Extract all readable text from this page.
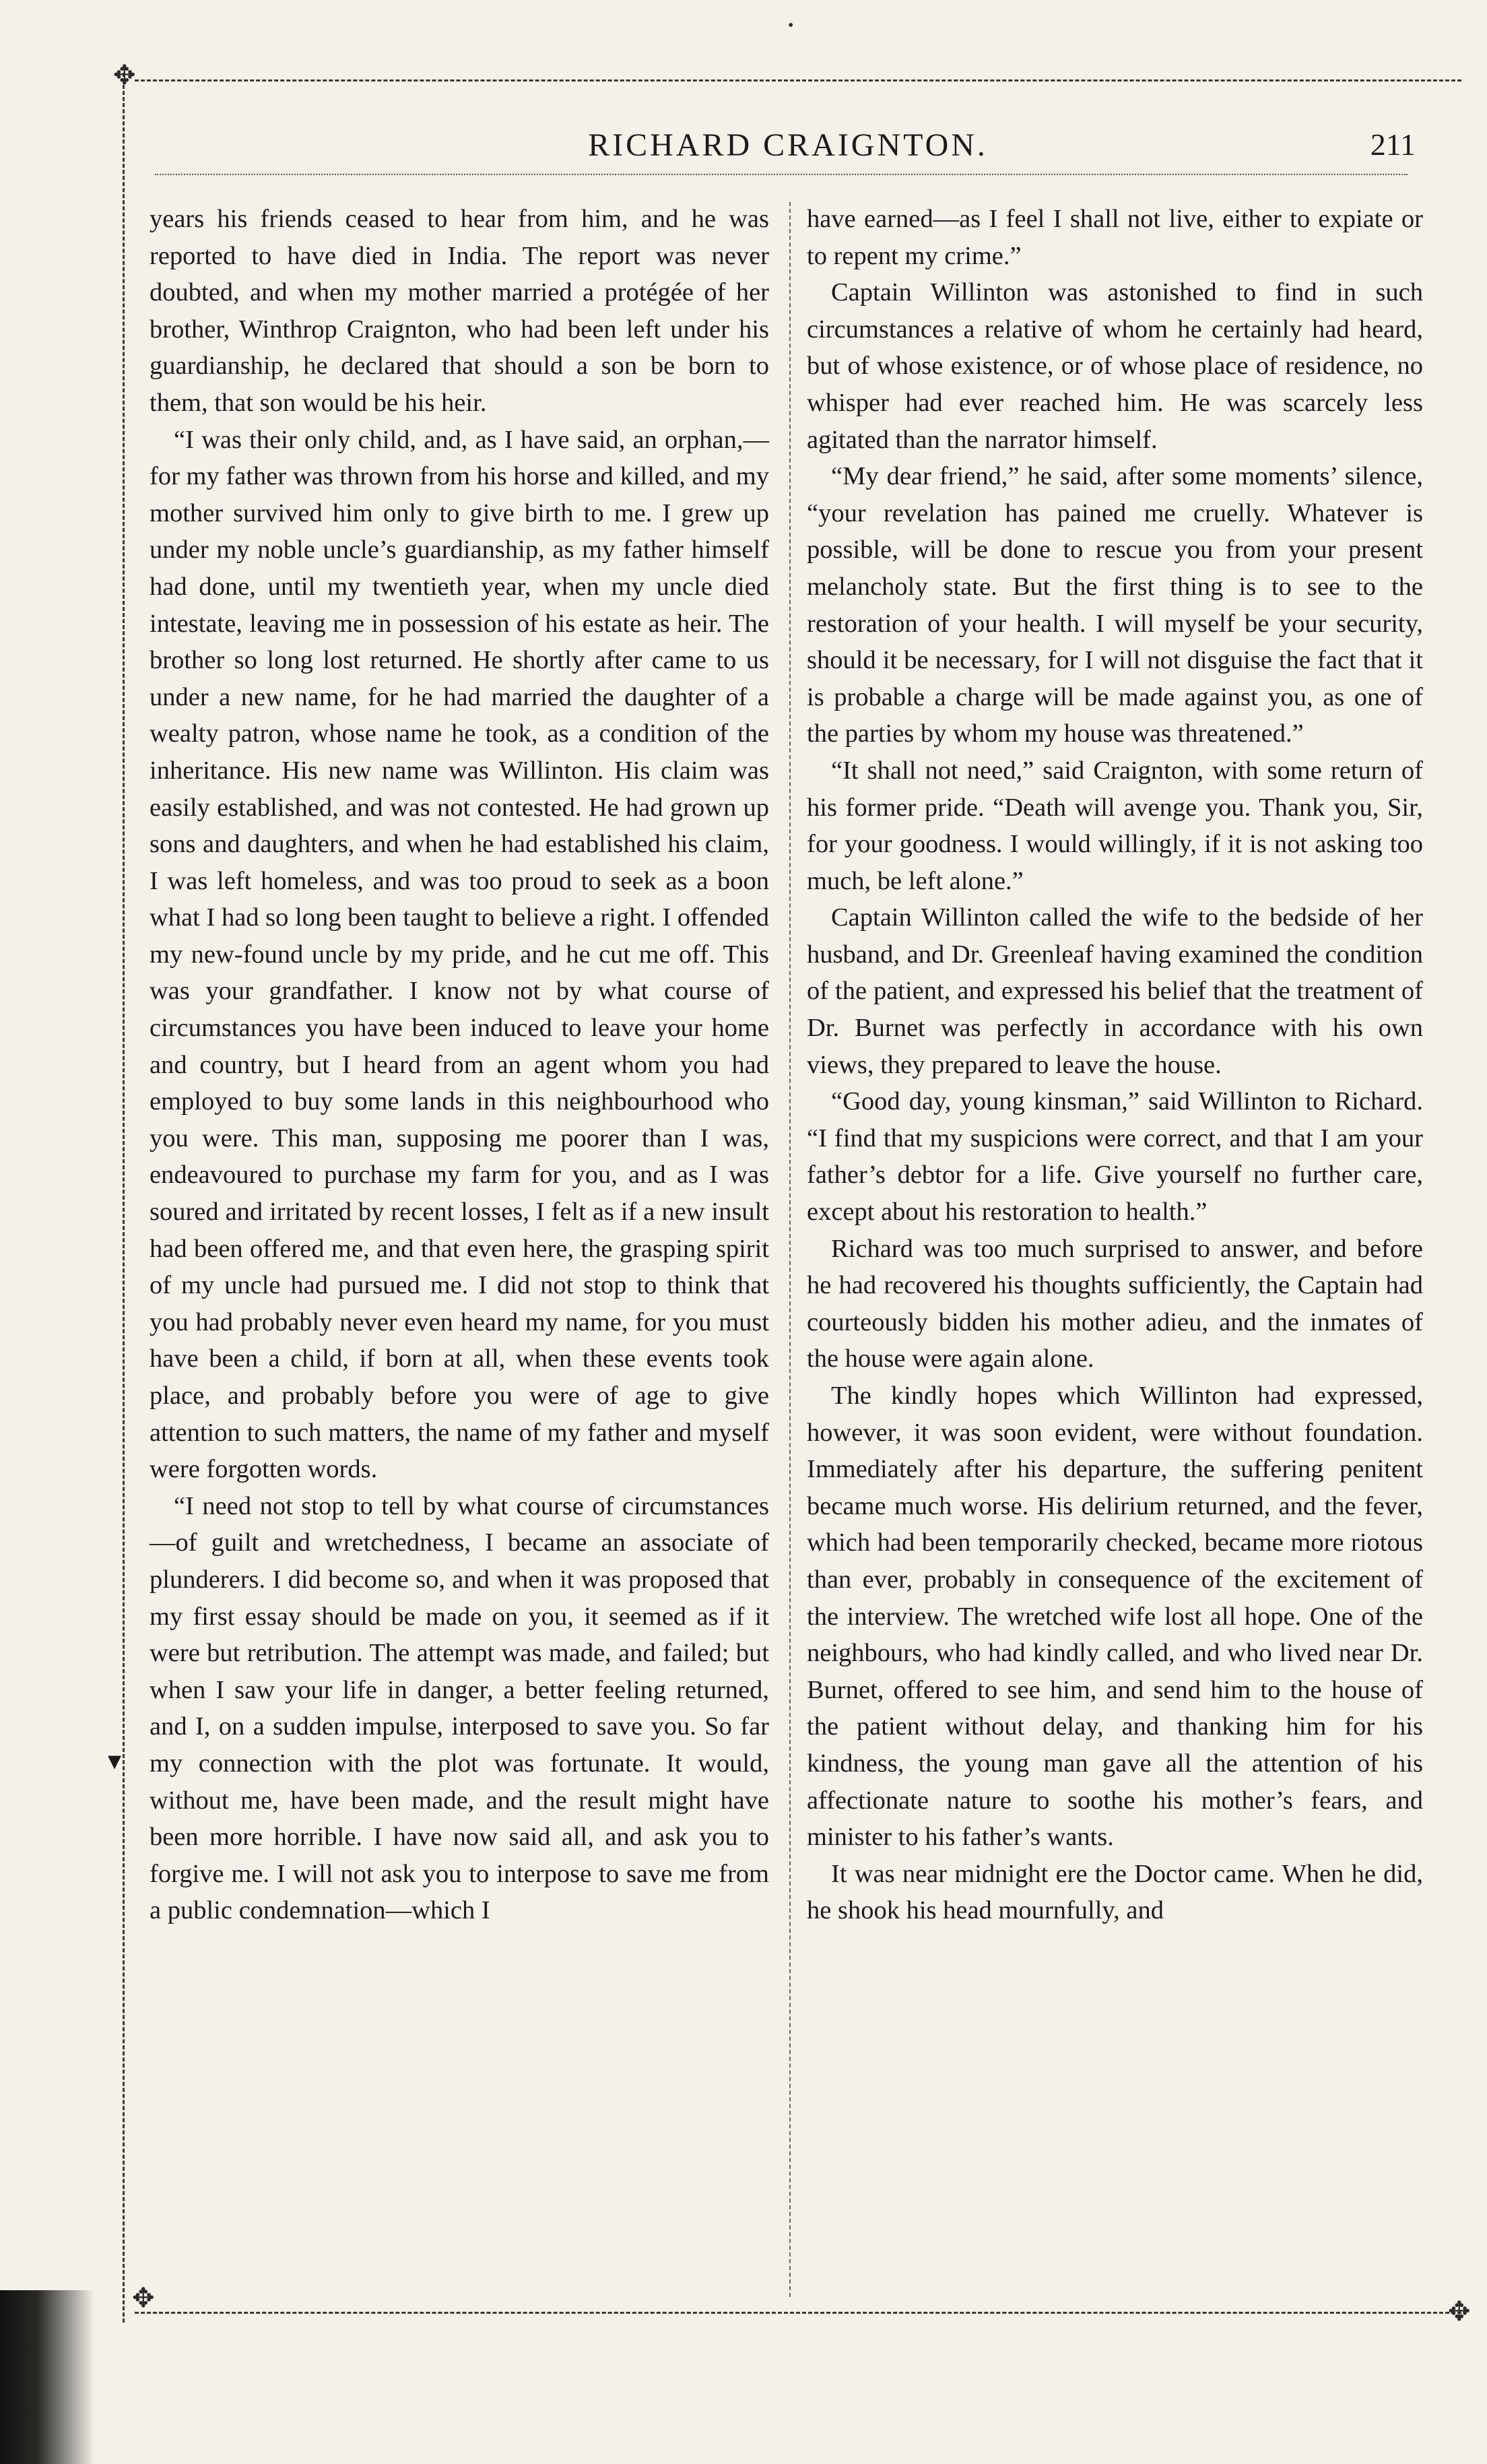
✥
✥	✥
•
RICHARD CRAIGNTON.	211

years his friends ceased to hear from him, and he was reported to have died in India. The report was never doubted, and when my mother married a protégée of her brother, Winthrop Craignton, who had been left under his guardianship, he declared that should a son be born to them, that son would be his heir.

“I was their only child, and, as I have said, an orphan,—for my father was thrown from his horse and killed, and my mother survived him only to give birth to me. I grew up under my noble uncle’s guardianship, as my father himself had done, until my twentieth year, when my uncle died intestate, leaving me in possession of his estate as heir. The brother so long lost returned. He shortly after came to us under a new name, for he had married the daughter of a wealty patron, whose name he took, as a condition of the inheritance. His new name was Willinton. His claim was easily established, and was not contested. He had grown up sons and daughters, and when he had established his claim, I was left homeless, and was too proud to seek as a boon what I had so long been taught to believe a right. I offended my new-found uncle by my pride, and he cut me off. This was your grandfather. I know not by what course of circumstances you have been induced to leave your home and country, but I heard from an agent whom you had employed to buy some lands in this neighbourhood who you were. This man, supposing me poorer than I was, endeavoured to purchase my farm for you, and as I was soured and irritated by recent losses, I felt as if a new insult had been offered me, and that even here, the grasping spirit of my uncle had pursued me. I did not stop to think that you had probably never even heard my name, for you must have been a child, if born at all, when these events took place, and probably before you were of age to give attention to such matters, the name of my father and myself were forgotten words.

“I need not stop to tell by what course of circumstances—of guilt and wretchedness, I became an associate of plunderers. I did become so, and when it was proposed that my first essay should be made on you, it seemed as if it were but retribution. The attempt was made, and failed; but when I saw your life in danger, a better feeling returned, and I, on a sudden impulse, interposed to save you. So far my connection with the plot was fortunate. It would, without me, have been made, and the result might have been more horrible. I have now said all, and ask you to forgive me. I will not ask you to interpose to save me from a public condemnation—which I

have earned—as I feel I shall not live, either to expiate or to repent my crime.”

Captain Willinton was astonished to find in such circumstances a relative of whom he certainly had heard, but of whose existence, or of whose place of residence, no whisper had ever reached him. He was scarcely less agitated than the narrator himself.

“My dear friend,” he said, after some moments’ silence, “your revelation has pained me cruelly. Whatever is possible, will be done to rescue you from your present melancholy state. But the first thing is to see to the restoration of your health. I will myself be your security, should it be necessary, for I will not disguise the fact that it is probable a charge will be made against you, as one of the parties by whom my house was threatened.”

“It shall not need,” said Craignton, with some return of his former pride. “Death will avenge you. Thank you, Sir, for your goodness. I would willingly, if it is not asking too much, be left alone.”

Captain Willinton called the wife to the bedside of her husband, and Dr. Greenleaf having examined the condition of the patient, and expressed his belief that the treatment of Dr. Burnet was perfectly in accordance with his own views, they prepared to leave the house.

“Good day, young kinsman,” said Willinton to Richard. “I find that my suspicions were correct, and that I am your father’s debtor for a life. Give yourself no further care, except about his restoration to health.”

Richard was too much surprised to answer, and before he had recovered his thoughts sufficiently, the Captain had courteously bidden his mother adieu, and the inmates of the house were again alone.

The kindly hopes which Willinton had expressed, however, it was soon evident, were without foundation. Immediately after his departure, the suffering penitent became much worse. His delirium returned, and the fever, which had been temporarily checked, became more riotous than ever, probably in consequence of the excitement of the interview. The wretched wife lost all hope. One of the neighbours, who had kindly called, and who lived near Dr. Burnet, offered to see him, and send him to the house of the patient without delay, and thanking him for his kindness, the young man gave all the attention of his affectionate nature to soothe his mother’s fears, and minister to his father’s wants.

It was near midnight ere the Doctor came. When he did, he shook his head mournfully, and

▾
